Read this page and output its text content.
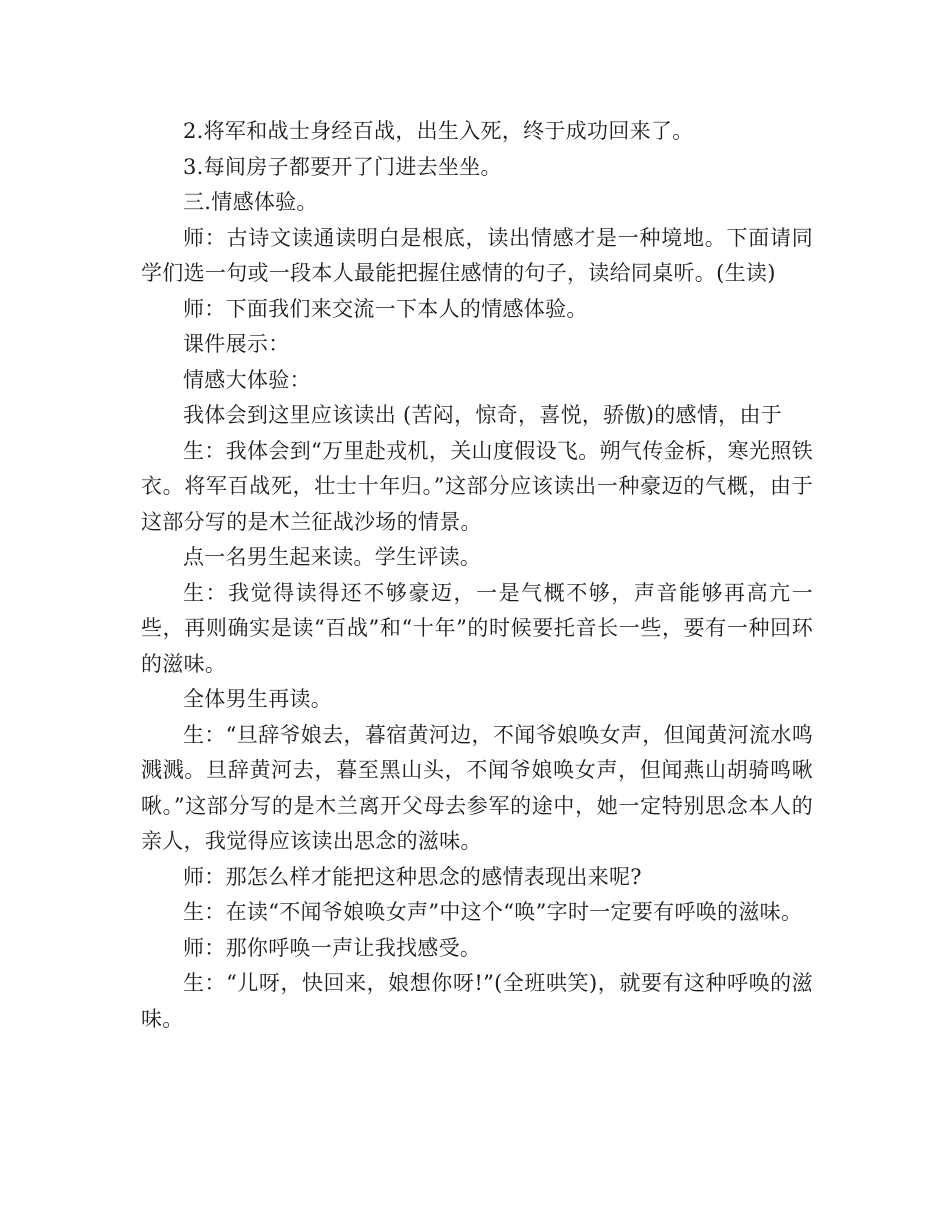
2.将军和战士身经百战，出生入死，终于成功回来了。

3.每间房子都要开了门进去坐坐。

三.情感体验。

师：古诗文读通读明白是根底，读出情感才是一种境地。下面请同学们选一句或一段本人最能把握住感情的句子，读给同桌听。(生读)

师：下面我们来交流一下本人的情感体验。

课件展示：

情感大体验：

我体会到这里应该读出 (苦闷，惊奇，喜悦，骄傲)的感情，由于

生：我体会到“万里赴戎机，关山度假设飞。朔气传金柝，寒光照铁衣。将军百战死，壮士十年归。”这部分应该读出一种豪迈的气概，由于这部分写的是木兰征战沙场的情景。

点一名男生起来读。学生评读。

生：我觉得读得还不够豪迈，一是气概不够，声音能够再高亢一些，再则确实是读“百战”和“十年”的时候要托音长一些，要有一种回环的滋味。

全体男生再读。

生：“旦辞爷娘去，暮宿黄河边，不闻爷娘唤女声，但闻黄河流水鸣溅溅。旦辞黄河去，暮至黑山头，不闻爷娘唤女声，但闻燕山胡骑鸣啾啾。”这部分写的是木兰离开父母去参军的途中，她一定特别思念本人的亲人，我觉得应该读出思念的滋味。

师：那怎么样才能把这种思念的感情表现出来呢?

生：在读“不闻爷娘唤女声”中这个“唤”字时一定要有呼唤的滋味。

师：那你呼唤一声让我找感受。

生：“儿呀，快回来，娘想你呀!”(全班哄笑)，就要有这种呼唤的滋味。
